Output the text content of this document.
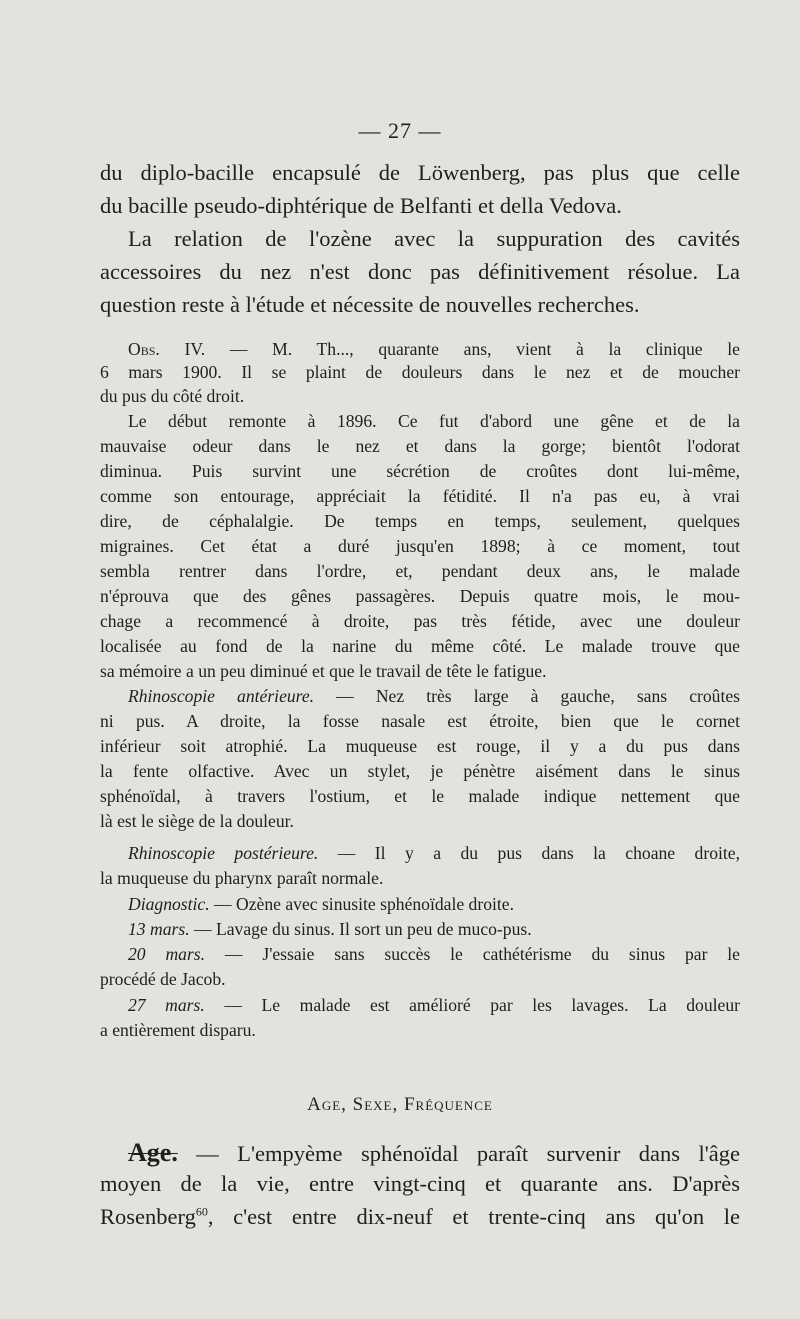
— 27 —
du diplo-bacille encapsulé de Löwenberg, pas plus que celle
du bacille pseudo-diphtérique de Belfanti et della Vedova.
La relation de l'ozène avec la suppuration des cavités
accessoires du nez n'est donc pas définitivement résolue. La
question reste à l'étude et nécessite de nouvelles recherches.
Obs. IV. — M. Th..., quarante ans, vient à la clinique le
6 mars 1900. Il se plaint de douleurs dans le nez et de moucher
du pus du côté droit.
Le début remonte à 1896. Ce fut d'abord une gêne et de la
mauvaise odeur dans le nez et dans la gorge; bientôt l'odorat
diminua. Puis survint une sécrétion de croûtes dont lui-même,
comme son entourage, appréciait la fétidité. Il n'a pas eu, à vrai
dire, de céphalalgie. De temps en temps, seulement, quelques
migraines. Cet état a duré jusqu'en 1898; à ce moment, tout
sembla rentrer dans l'ordre, et, pendant deux ans, le malade
n'éprouva que des gênes passagères. Depuis quatre mois, le mou-
chage a recommencé à droite, pas très fétide, avec une douleur
localisée au fond de la narine du même côté. Le malade trouve que
sa mémoire a un peu diminué et que le travail de tête le fatigue.
Rhinoscopie antérieure. — Nez très large à gauche, sans croûtes
ni pus. A droite, la fosse nasale est étroite, bien que le cornet
inférieur soit atrophié. La muqueuse est rouge, il y a du pus dans
la fente olfactive. Avec un stylet, je pénètre aisément dans le sinus
sphénoïdal, à travers l'ostium, et le malade indique nettement que
là est le siège de la douleur.
Rhinoscopie postérieure. — Il y a du pus dans la choane droite,
la muqueuse du pharynx paraît normale.
Diagnostic. — Ozène avec sinusite sphénoïdale droite.
13 mars. — Lavage du sinus. Il sort un peu de muco-pus.
20 mars. — J'essaie sans succès le cathétérisme du sinus par le
procédé de Jacob.
27 mars. — Le malade est amélioré par les lavages. La douleur
a entièrement disparu.
Age, Sexe, Fréquence
Age. — L'empyème sphénoïdal paraît survenir dans l'âge
moyen de la vie, entre vingt-cinq et quarante ans. D'après
Rosenberg$^{60}$, c'est entre dix-neuf et trente-cinq ans qu'on le
